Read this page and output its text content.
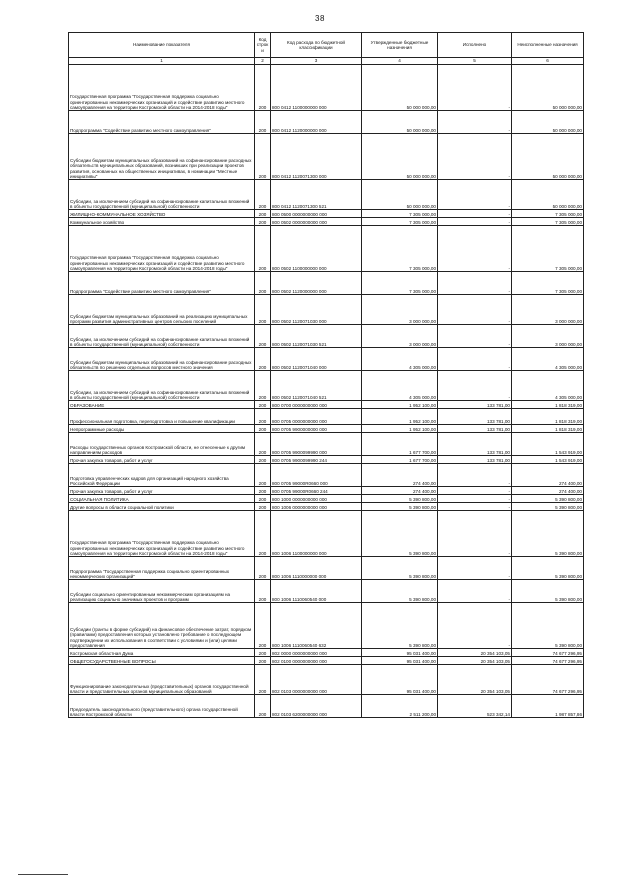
38
Наименование показателя	Код строк и	Код расхода по бюджетной классификации	Утвержденные бюджетные назначения	Исполнено	Неисполненные назначения
1	2	3	4	5	6
Государственная программа "Государственная поддержка социально ориентированных некоммерческих организаций и содействие развитию местного самоуправления на территории Костромской области на 2014-2018 годы"	200	800 0412 1100000000 000	50 000 000,00	-	50 000 000,00
Подпрограмма "Содействие развитию местного самоуправления"	200	800 0412 1120000000 000	50 000 000,00	-	50 000 000,00
Субсидии бюджетам муниципальных образований на софинансирование расходных обязательств муниципальных образований, возникших при реализации проектов развития, основанных на общественных инициативах, в номинации "Местные инициативы"	200	800 0412 1120071300 000	50 000 000,00	-	50 000 000,00
Субсидии, за исключением субсидий на софинансирование капитальных вложений в объекты государственной (муниципальной) собственности	200	800 0412 1120071300 521	50 000 000,00	-	50 000 000,00
ЖИЛИЩНО-КОММУНАЛЬНОЕ ХОЗЯЙСТВО	200	800 0500 0000000000 000	7 305 000,00	-	7 305 000,00
Коммунальное хозяйство	200	800 0502 0000000000 000	7 305 000,00	-	7 305 000,00
Государственная программа "Государственная поддержка социально ориентированных некоммерческих организаций и содействие развитию местного самоуправления на территории Костромской области на 2014-2018 годы"	200	800 0502 1100000000 000	7 305 000,00	-	7 305 000,00
Подпрограмма "Содействие развитию местного самоуправления"	200	800 0502 1120000000 000	7 305 000,00	-	7 305 000,00
Субсидии бюджетам муниципальных образований на реализацию муниципальных программ развития административных центров сельских поселений	200	800 0502 1120071030 000	3 000 000,00	-	3 000 000,00
Субсидии, за исключением субсидий на софинансирование капитальных вложений в объекты государственной (муниципальной) собственности	200	800 0502 1120071030 521	3 000 000,00	-	3 000 000,00
Субсидии бюджетам муниципальных образований на софинансирование расходных обязательств по решению отдельных вопросов местного значения	200	800 0502 1120071040 000	4 305 000,00	-	4 305 000,00
Субсидии, за исключением субсидий на софинансирование капитальных вложений в объекты государственной (муниципальной) собственности	200	800 0502 1120071040 521	4 305 000,00	-	4 305 000,00
ОБРАЗОВАНИЕ	200	800 0700 0000000000 000	1 952 100,00	133 781,00	1 818 319,00
Профессиональная подготовка, переподготовка и повышение квалификации	200	800 0705 0000000000 000	1 952 100,00	133 781,00	1 818 319,00
Непрограммные расходы	200	800 0705 9900000000 000	1 952 100,00	133 781,00	1 818 319,00
Расходы государственных органов Костромской области, не отнесенные к другим направлениям расходов	200	800 0705 9900099990 000	1 677 700,00	133 781,00	1 543 919,00
Прочая закупка товаров, работ и услуг	200	800 0705 9900099990 244	1 677 700,00	133 781,00	1 543 919,00
Подготовка управленческих кадров для организаций народного хозяйства Российской Федерации	200	800 0705 99000R0660 000	274 400,00	-	274 400,00
Прочая закупка товаров, работ и услуг	200	800 0705 99000R0660 244	274 400,00	-	274 400,00
СОЦИАЛЬНАЯ ПОЛИТИКА	200	800 1000 0000000000 000	5 390 800,00	-	5 390 800,00
Другие вопросы в области социальной политики	200	800 1006 0000000000 000	5 390 800,00	-	5 390 800,00
Государственная программа "Государственная поддержка социально ориентированных некоммерческих организаций и содействие развитию местного самоуправления на территории Костромской области на 2014-2018 годы"	200	800 1006 1100000000 000	5 390 800,00	-	5 390 800,00
Подпрограмма "Государственная поддержка социально ориентированных некоммерческих организаций"	200	800 1006 1110000000 000	5 390 800,00	-	5 390 800,00
Субсидии социально ориентированным некоммерческим организациям на реализацию социально значимых проектов и программ	200	800 1006 1110060540 000	5 390 800,00	-	5 390 800,00
Субсидии (гранты в форме субсидий) на финансовое обеспечение затрат, порядком (правилами) предоставления которых установлено требование о последующем подтверждении их использования в соответствии с условиями и (или) целями предоставления	200	800 1006 1110060540 632	5 390 800,00	-	5 390 800,00
Костромская областная Дума	200	802 0000 0000000000 000	95 031 400,00	20 354 103,05	74 677 296,95
ОБЩЕГОСУДАРСТВЕННЫЕ ВОПРОСЫ	200	802 0100 0000000000 000	95 031 400,00	20 354 103,05	74 677 296,95
Функционирование законодательных (представительных) органов государственной власти и представительных органов муниципальных образований	200	802 0103 0000000000 000	95 031 400,00	20 354 103,05	74 677 296,95
Председатель законодательного (представительного) органа государственной власти Костромской области	200	802 0103 6200000000 000	2 511 200,00	523 342,14	1 987 857,86
